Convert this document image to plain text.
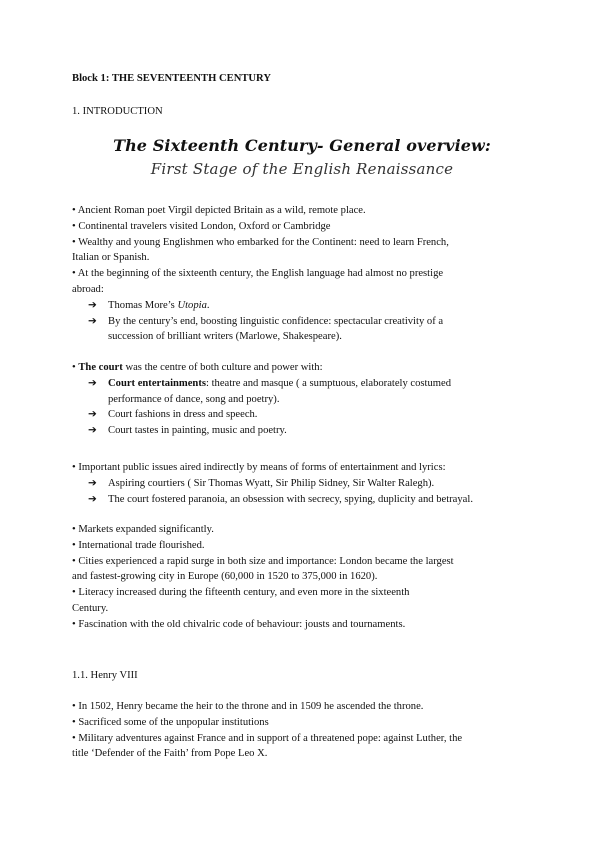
Block 1: THE SEVENTEENTH CENTURY
1. INTRODUCTION
The Sixteenth Century- General overview:
First Stage of the English Renaissance
• Ancient Roman poet Virgil depicted Britain as a wild, remote place.
• Continental travelers visited London, Oxford or Cambridge
• Wealthy and young Englishmen who embarked for the Continent: need to learn French,
Italian or Spanish.
• At the beginning of the sixteenth century, the English language had almost no prestige
abroad:
➔	Thomas More’s Utopia.
➔	By the century’s end, boosting linguistic confidence: spectacular creativity of a
succession of brilliant writers (Marlowe, Shakespeare).
• The court was the centre of both culture and power with:
➔	Court entertainments: theatre and masque ( a sumptuous, elaborately costumed
performance of dance, song and poetry).
➔	Court fashions in dress and speech.
➔	Court tastes in painting, music and poetry.
• Important public issues aired indirectly by means of forms of entertainment and lyrics:
➔	Aspiring courtiers ( Sir Thomas Wyatt, Sir Philip Sidney, Sir Walter Ralegh).
➔	The court fostered paranoia, an obsession with secrecy, spying, duplicity and betrayal.
• Markets expanded significantly.
• International trade flourished.
• Cities experienced a rapid surge in both size and importance: London became the largest
and fastest-growing city in Europe (60,000 in 1520 to 375,000 in 1620).
• Literacy increased during the fifteenth century, and even more in the sixteenth
Century.
• Fascination with the old chivalric code of behaviour: jousts and tournaments.
1.1. Henry VIII
• In 1502, Henry became the heir to the throne and in 1509 he ascended the throne.
• Sacrificed some of the unpopular institutions
• Military adventures against France and in support of a threatened pope: against Luther, the
title ‘Defender of the Faith’ from Pope Leo X.
